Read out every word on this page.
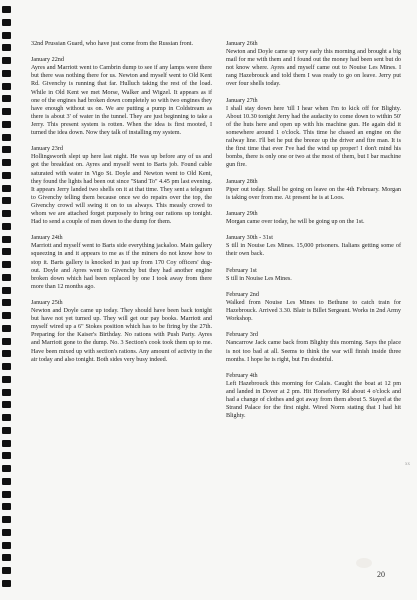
32nd Prussian Guard, who have just come from the Russian front.
January 22nd
Ayres and Marriott went to Cambrin dump to see if any lamps were there but there was nothing there for us. Newton and myself went to Old Kent Rd. Givenchy is running that far. Hulluch taking the rest of the load. While in Old Kent we met Morse, Walker and Wigzel. It appears as if one of the engines had broken down completely so with two engines they have enough without us on. We are putting a pump in Coldstream as there is about 3' of water in the tunnel. They are just beginning to take a Jerry. This present system is rotten. When the idea is first mooted, I turned the idea down. Now they talk of installing my system.
January 23rd
Hollingsworth slept up here last night. He was up before any of us and got the breakfast on. Ayres and myself went to Barts job. Found cable saturated with water in Vigo St. Doyle and Newton went to Old Kent, they found the lights had been out since "Stand To" 4.45 pm last evening. It appears Jerry landed two shells on it at that time. They sent a telegram to Givenchy telling them because once we do repairs over the top, the Givenchy crowd will swing it on to us always. This measly crowd to whom we are attached forget purposely to bring our rations up tonight. Had to send a couple of men down to the dump for them.
January 24th
Marriott and myself went to Barts side everything jackaloo. Main gallery squeezing in and it appears to me as if the miners do not know how to stop it. Barts gallery is knocked in just up from 170 Coy officers' dug-out. Doyle and Ayres went to Givenchy but they had another engine broken down which had been replaced by one I took away from there more than 12 months ago.
January 25th
Newton and Doyle came up today. They should have been back tonight but have not yet turned up. They will get our pay books. Marriott and myself wired up a 6" Stokes position which has to be firing by the 27th. Preparing for the Kaiser's Birthday. No rations with Push Party. Ayres and Marriott gone to the dump. No. 3 Section's cook took them up to me. Have been mixed up with section's rations. Any amount of activity in the air today and also tonight. Both sides very busy indeed.
January 26th
Newton and Doyle came up very early this morning and brought a big mail for me with them and I found out the money had been sent but do not know where. Ayres and myself came out to Nouise Les Mines. I rang Hazebrouck and told them I was ready to go on leave. Jerry put over four shells today.
January 27th
I shall stay down here 'till I hear when I'm to kick off for Blighty. About 10.30 tonight Jerry had the audacity to come down to within 50' of the huts here and open up with his machine gun. He again did it somewhere around 1 o'clock. This time he chased an engine on the railway line. I'll bet he put the breeze up the driver and fire man. It is the first time that ever I've had the wind up proper! I don't mind his bombs, there is only one or two at the most of them, but I bar machine gun fire.
January 28th
Piper out today. Shall be going on leave on the 4th February. Morgan is taking over from me. At present he is at Loos.
January 29th
Morgan came over today, he will be going up on the 1st.
January 30th - 31st
S till in Nouise Les Mines. 15,000 prisoners. Italians getting some of their own back.
February 1st
S till in Nouise Les Mines.
February 2nd
Walked from Nouise Les Mines to Bethune to catch train for Hazebrouck. Arrived 3.30. Blair is Billet Sergeant. Works in 2nd Army Workshop.
February 3rd
Nancarrow Jack came back from Blighty this morning. Says the place is not too bad at all. Seems to think the war will finish inside three months. I hope he is right, but I'm doubtful.
February 4th
Left Hazebrouck this morning for Calais. Caught the boat at 12 pm and landed in Dover at 2 pm. Hit Horseferry Rd about 4 o'clock and had a change of clothes and got away from them about 5. Stayed at the Strand Palace for the first night. Wired Norm stating that I had hit Blighty.
xx
20
